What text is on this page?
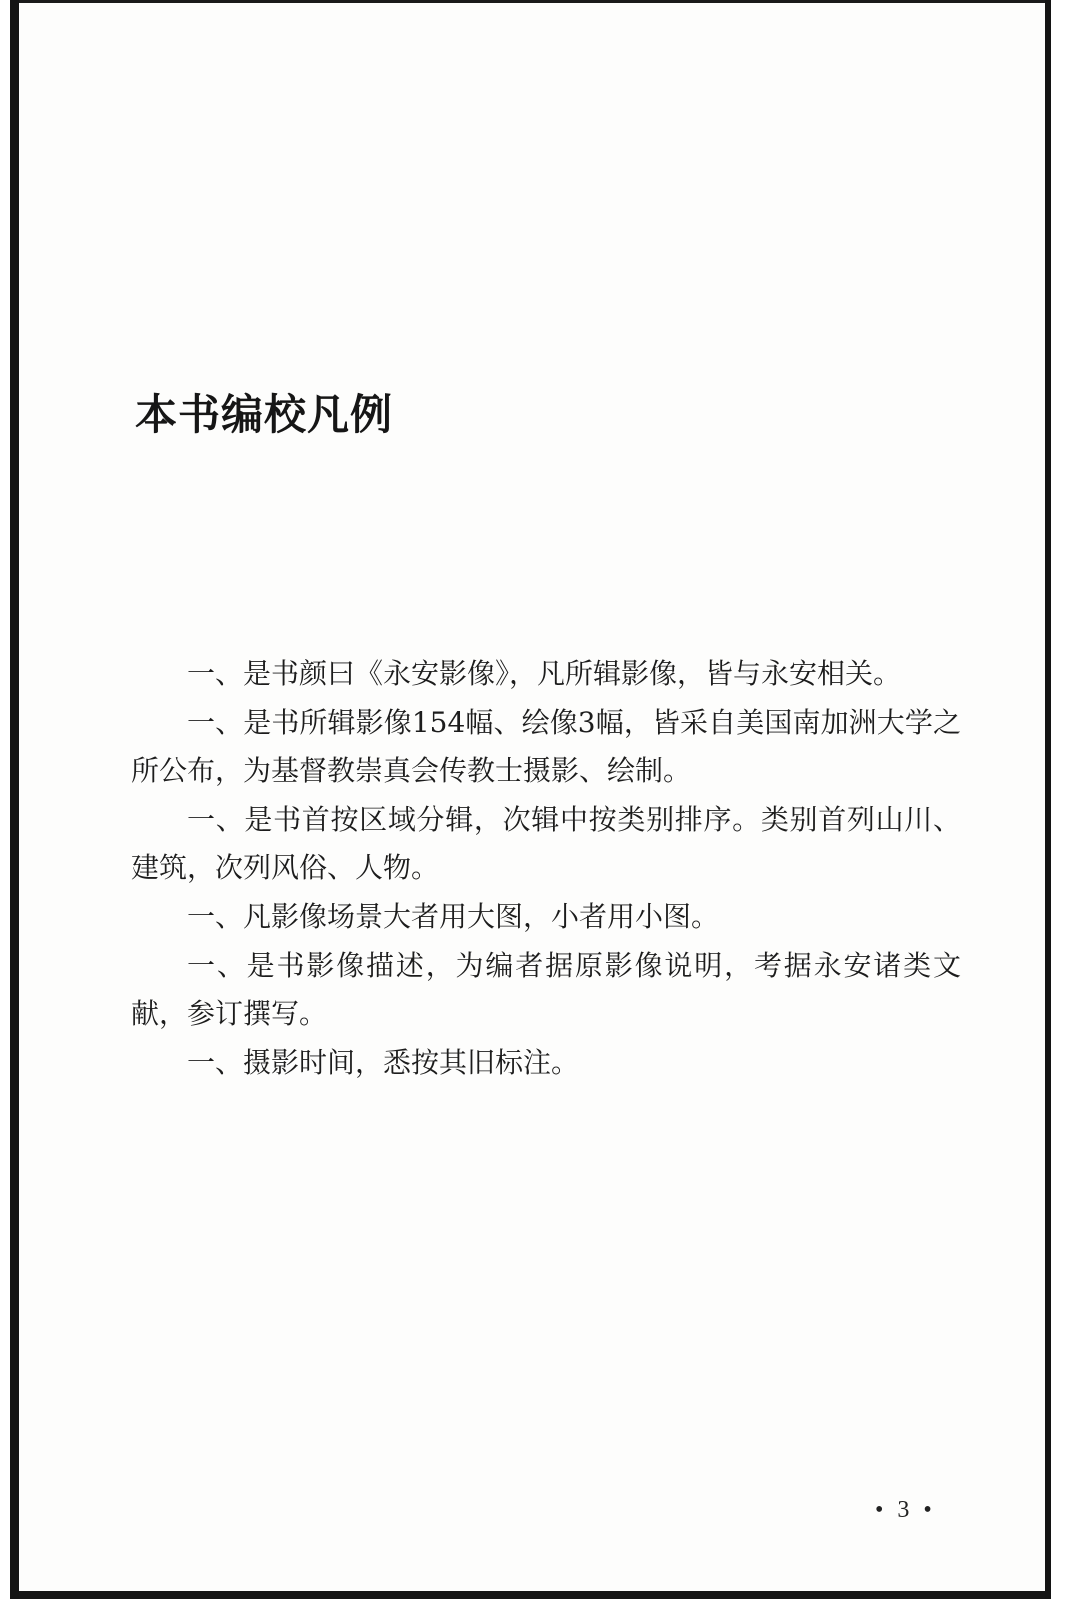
本书编校凡例

一、是书颜曰《永安影像》，凡所辑影像，皆与永安相关。

一、是书所辑影像154幅、绘像3幅，皆采自美国南加洲大学之所公布，为基督教崇真会传教士摄影、绘制。

一、是书首按区域分辑，次辑中按类别排序。类别首列山川、建筑，次列风俗、人物。

一、凡影像场景大者用大图，小者用小图。

一、是书影像描述，为编者据原影像说明，考据永安诸类文献，参订撰写。

一、摄影时间，悉按其旧标注。

• 3 •
